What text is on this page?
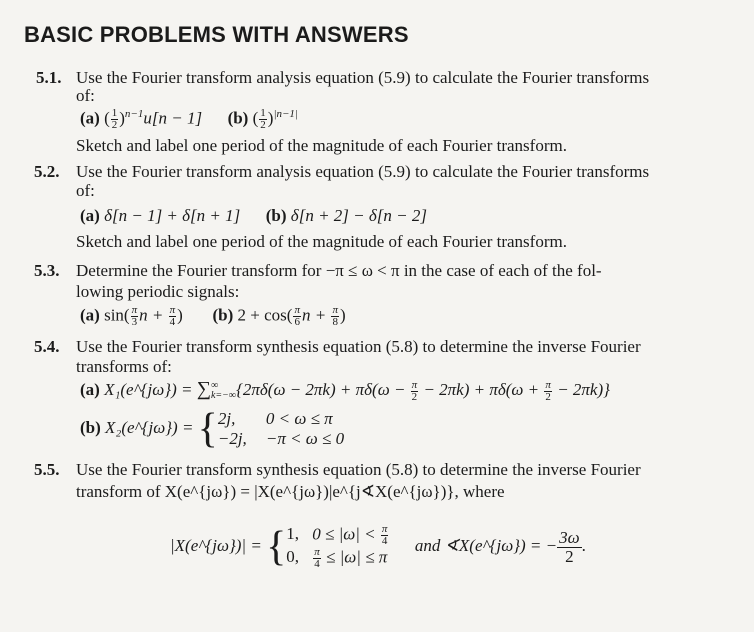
BASIC PROBLEMS WITH ANSWERS
5.1. Use the Fourier transform analysis equation (5.9) to calculate the Fourier transforms
of:
(a) ( $\frac{1}{2} )^{n-1}u[n - 1]$ (b) ( $\frac{1}{2} )^{|n-1|}$
Sketch and label one period of the magnitude of each Fourier transform.
5.2. Use the Fourier transform analysis equation (5.9) to calculate the Fourier transforms
of:
(a) δ[n − 1] + δ[n + 1] (b) δ[n + 2] − δ[n − 2]
Sketch and label one period of the magnitude of each Fourier transform.
5.3. Determine the Fourier transform for −π ≤ ω < π in the case of each of the fol-
lowing periodic signals:
(a) $\sin( \frac{\pi}{3}$ $n + \frac{\pi}{4}$ ) (b) $2 + \cos( \frac{\pi}{6}$ $n + \frac{\pi}{8}$ )
5.4. Use the Fourier transform synthesis equation (5.8) to determine the inverse Fourier
transforms of:
(a) X₁(e^{jω}) = ∑ ∞
k=−∞ $\{2\pi\delta(\omega - 2\pi k) + \pi\delta(\omega - \frac{\pi}{2} - 2\pi k) + \pi\delta(\omega + \frac{\pi}{2} - 2\pi k)\}$
(b) X₂(e^{jω}) = { 2j, 0 < ω ≤ π
−2j, −π < ω ≤ 0
5.5. Use the Fourier transform synthesis equation (5.8) to determine the inverse Fourier
transform of X(e^{jω}) = |X(e^{jω})|e^{j∢X(e^{jω})}, where
|X(e^{jω})| = { 1, $0 \le |\omega| < \frac{\pi}{4}$
0, $\frac{\pi}{4} \le |\omega| \le \pi$
and ∢X(e^{jω}) = − $\frac{3\omega}{2}$ .
